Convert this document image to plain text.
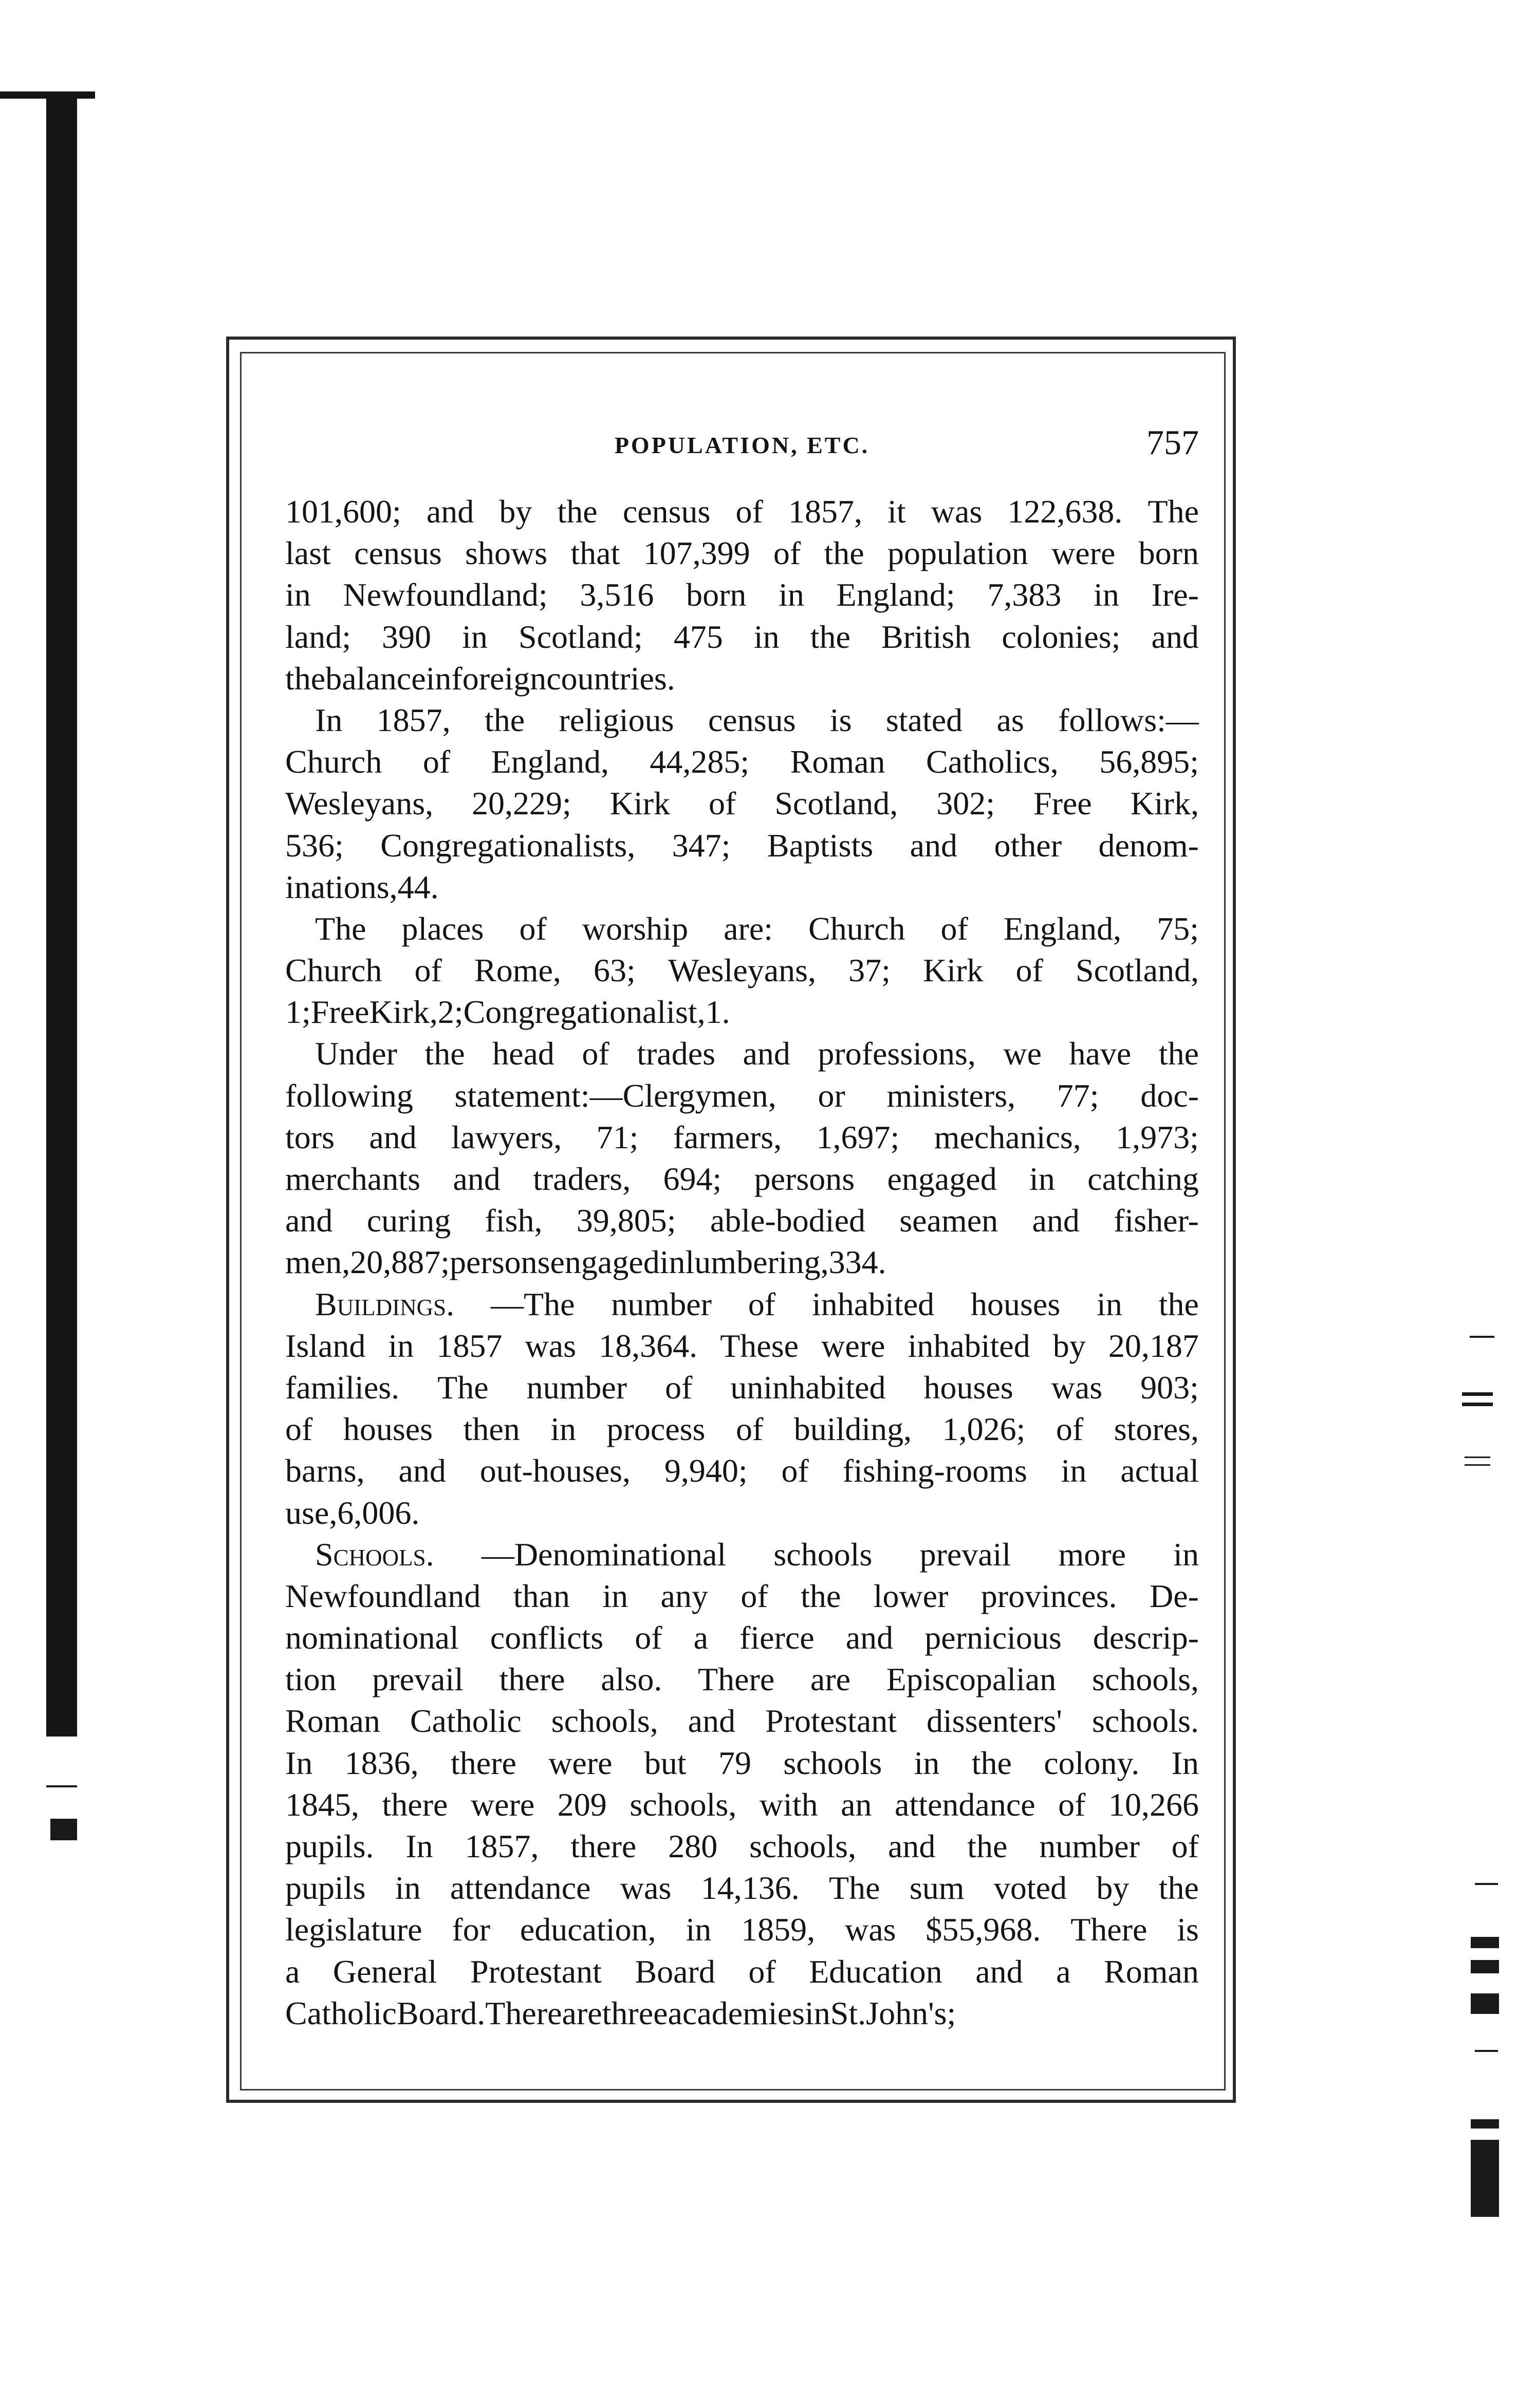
POPULATION, ETC.	757
101,600; and by the census of 1857, it was 122,638. The
last census shows that 107,399 of the population were born
in Newfoundland; 3,516 born in England; 7,383 in Ire-
land; 390 in Scotland; 475 in the British colonies; and
the balance in foreign countries.
In 1857, the religious census is stated as follows:—
Church of England, 44,285; Roman Catholics, 56,895;
Wesleyans, 20,229; Kirk of Scotland, 302; Free Kirk,
536; Congregationalists, 347; Baptists and other denom-
inations, 44.
The places of worship are: Church of England, 75;
Church of Rome, 63; Wesleyans, 37; Kirk of Scotland,
1; Free Kirk, 2; Congregationalist, 1.
Under the head of trades and professions, we have the
following statement:—Clergymen, or ministers, 77; doc-
tors and lawyers, 71; farmers, 1,697; mechanics, 1,973;
merchants and traders, 694; persons engaged in catching
and curing fish, 39,805; able-bodied seamen and fisher-
men, 20,887; persons engaged in lumbering, 334.
Buildings. —The number of inhabited houses in the
Island in 1857 was 18,364. These were inhabited by 20,187
families. The number of uninhabited houses was 903;
of houses then in process of building, 1,026; of stores,
barns, and out-houses, 9,940; of fishing-rooms in actual
use, 6,006.
Schools. —Denominational schools prevail more in
Newfoundland than in any of the lower provinces. De-
nominational conflicts of a fierce and pernicious descrip-
tion prevail there also. There are Episcopalian schools,
Roman Catholic schools, and Protestant dissenters' schools.
In 1836, there were but 79 schools in the colony. In
1845, there were 209 schools, with an attendance of 10,266
pupils. In 1857, there 280 schools, and the number of
pupils in attendance was 14,136. The sum voted by the
legislature for education, in 1859, was $55,968. There is
a General Protestant Board of Education and a Roman
Catholic Board. There are three academies in St. John's;
